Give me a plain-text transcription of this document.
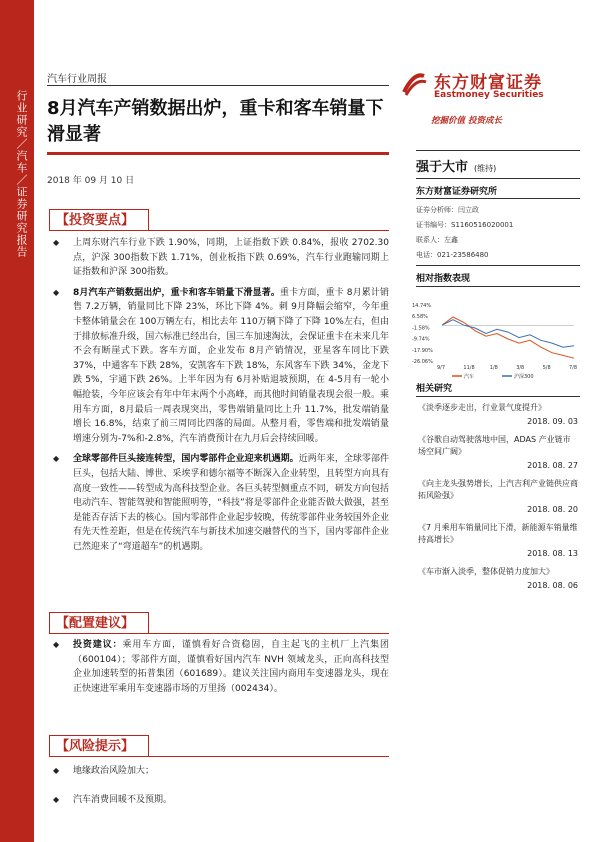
行业研究／汽车／证券研究报告
汽车行业周报
8月汽车产销数据出炉，重卡和客车销量下滑显著
2018 年 09 月 10 日
东方财富证券
Eastmoney Securities
挖掘价值 投资成长
强于大市 (维持)
东方财富证券研究所
证券分析师：闫立政
证书编号：S1160516020001
联系人：左鑫
电话：021-23586480
相对指数表现
14.74%
6.58%
-1.58%
-9.74%
-17.90%
-26.06%
9/7	11/8	1/8	3/8	5/8	7/8
汽车	沪深300
相关研究
《淡季逐步走出，行业景气度提升》
2018. 09. 03
《谷歌自动驾驶落地中国，ADAS 产业链市场空间广阔》
2018. 08. 27
《向主龙头强势增长，上汽吉利产业链供应商拓风险强》
2018. 08. 20
《7 月乘用车销量同比下滑，新能源车销量维持高增长》
2018. 08. 13
《车市渐入淡季，整体促销力度加大》
2018. 08. 06
【投资要点】
◆ 上周东财汽车行业下跌 1.90%，同期，上证指数下跌 0.84%，报收 2702.30点，沪深 300指数下跌 1.71%，创业板指下跌 0.69%，汽车行业跑输同期上证指数和沪深 300指数。
◆ 8月汽车产销数据出炉，重卡和客车销量下滑显著。重卡方面，重卡 8月累计销售 7.2万辆，销量同比下降 23%，环比下降 4%。刺 9月降幅会缩窄，今年重卡整体销量会在 100万辆左右，相比去年 110万辆下降了下降 10%左右，但由于排放标准升级，国六标准已经出台，国三车加速淘汰，会保证重卡在未来几年不会有断崖式下跌。客车方面，企业发布 8月产销情况，亚星客车同比下跌 37%，中通客车下跌 28%，安凯客车下跌 18%，东风客车下跌 34%，金龙下跌 5%，宇通下跌 26%。上半年因为有 6月补贴退坡预期，在 4-5月有一轮小幅抢装，今年应该会有年中年末两个小高峰，而其他时间销量表现会很一般。乘用车方面，8月最后一周表现突出，零售端销量同比上升 11.7%，批发端销量增长 16.8%，结束了前三周同比四落的局面。从整月看，零售端和批发端销量增速分别为-7%和-2.8%，汽车消费预计在九月后会持续回暖。
◆ 全球零部件巨头接连转型，国内零部件企业迎来机遇期。近两年来，全球零部件巨头，包括大陆、博世、采埃孚和德尔福等不断深入企业转型，且转型方向具有高度一致性——转型成为高科技型企业。各巨头转型侧重点不同，研发方向包括电动汽车、智能驾驶和智能照明等，“科技”将是零部件企业能否做大做强，甚至是能否存活下去的核心。国内零部件企业起步较晚，传统零部件业务较国外企业有先天性差距，但是在传统汽车与新技术加速交融替代的当下，国内零部件企业已然迎来了“弯道超车”的机遇期。
【配置建议】
◆ 投资建议：乘用车方面，谨慎看好合资稳固，自主起飞的主机厂上汽集团（600104）；零部件方面，谨慎看好国内汽车 NVH 领域龙头，正向高科技型企业加速转型的拓普集团（601689）。建议关注国内商用车变速器龙头，现在正快速进军乘用车变速器市场的万里扬（002434）。
【风险提示】
◆ 地缘政治风险加大；
◆ 汽车消费回暖不及预期。
